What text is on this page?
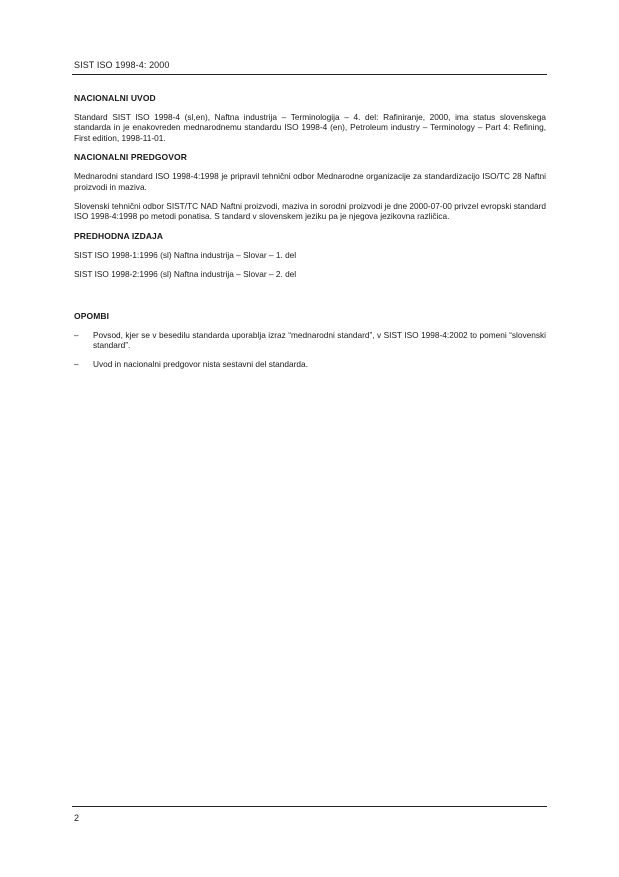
SIST ISO 1998-4: 2000
NACIONALNI UVOD

Standard SIST ISO 1998-4 (sl,en), Naftna industrija – Terminologija – 4. del: Rafiniranje, 2000, ima status slovenskega standarda in je enakovreden mednarodnemu standardu ISO 1998-4 (en), Petroleum industry – Terminology – Part 4: Refining, First edition, 1998-11-01.

NACIONALNI PREDGOVOR

Mednarodni standard ISO 1998-4:1998 je pripravil tehnični odbor Mednarodne organizacije za standardizacijo ISO/TC 28 Naftni proizvodi in maziva.

Slovenski tehnični odbor SIST/TC NAD Naftni proizvodi, maziva in sorodni proizvodi je dne 2000-07-00 privzel evropski standard ISO 1998-4:1998 po metodi ponatisa. S tandard v slovenskem jeziku pa je njegova jezikovna različica.

PREDHODNA IZDAJA

SIST ISO 1998-1:1996 (sl) Naftna industrija – Slovar – 1. del

SIST ISO 1998-2:1996 (sl) Naftna industrija – Slovar – 2. del

OPOMBI
– Povsod, kjer se v besedilu standarda uporablja izraz “mednarodni standard”, v SIST ISO 1998-4:2002 to pomeni “slovenski standard”.
– Uvod in nacionalni predgovor nista sestavni del standarda.
2
